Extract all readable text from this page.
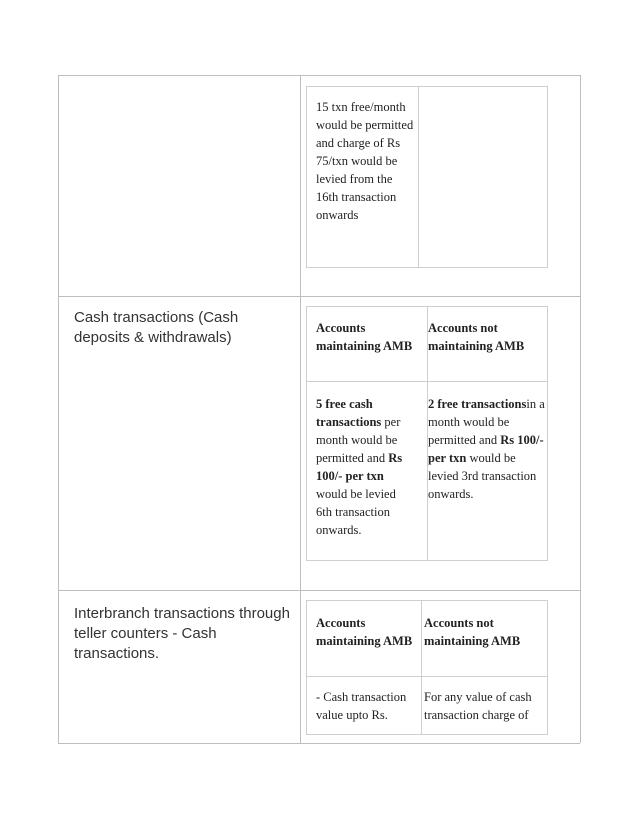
15 txn free/month would be permitted and charge of Rs 75/txn would be levied from the 16th transaction onwards
Cash transactions (Cash deposits & withdrawals)
Accounts maintaining AMB
Accounts not maintaining AMB
5 free cash transactions per month would be permitted and Rs 100/- per txn would be levied 6th transaction onwards.
2 free transactionsin a month would be permitted and Rs 100/- per txn would be levied 3rd transaction onwards.
Interbranch transactions through teller counters - Cash transactions.
Accounts maintaining AMB
Accounts not maintaining AMB
- Cash transaction value upto Rs.
For any value of cash transaction charge of
